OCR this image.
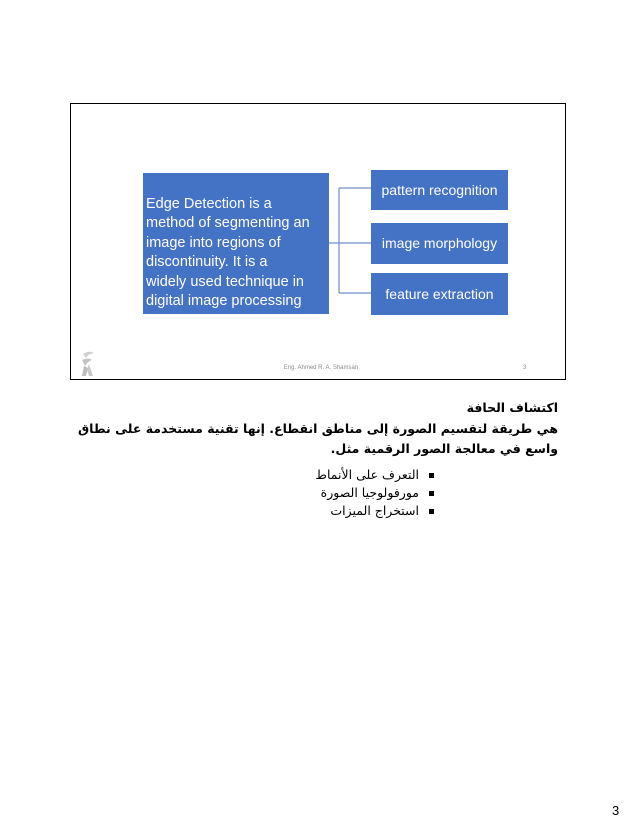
Edge Detection is a
method of segmenting an
image into regions of
discontinuity. It is a
widely used technique in
digital image processing
like

pattern recognition
image morphology
feature extraction
Eng. Ahmed R. A. Shamsan	3
اكتشاف الحافة
هي طريقة لتقسيم الصورة إلى مناطق انقطاع. إنها تقنية مستخدمة على نطاق واسع في معالجة الصور الرقمية مثل.
التعرف على الأنماط
مورفولوجيا الصورة
استخراج الميزات
3
